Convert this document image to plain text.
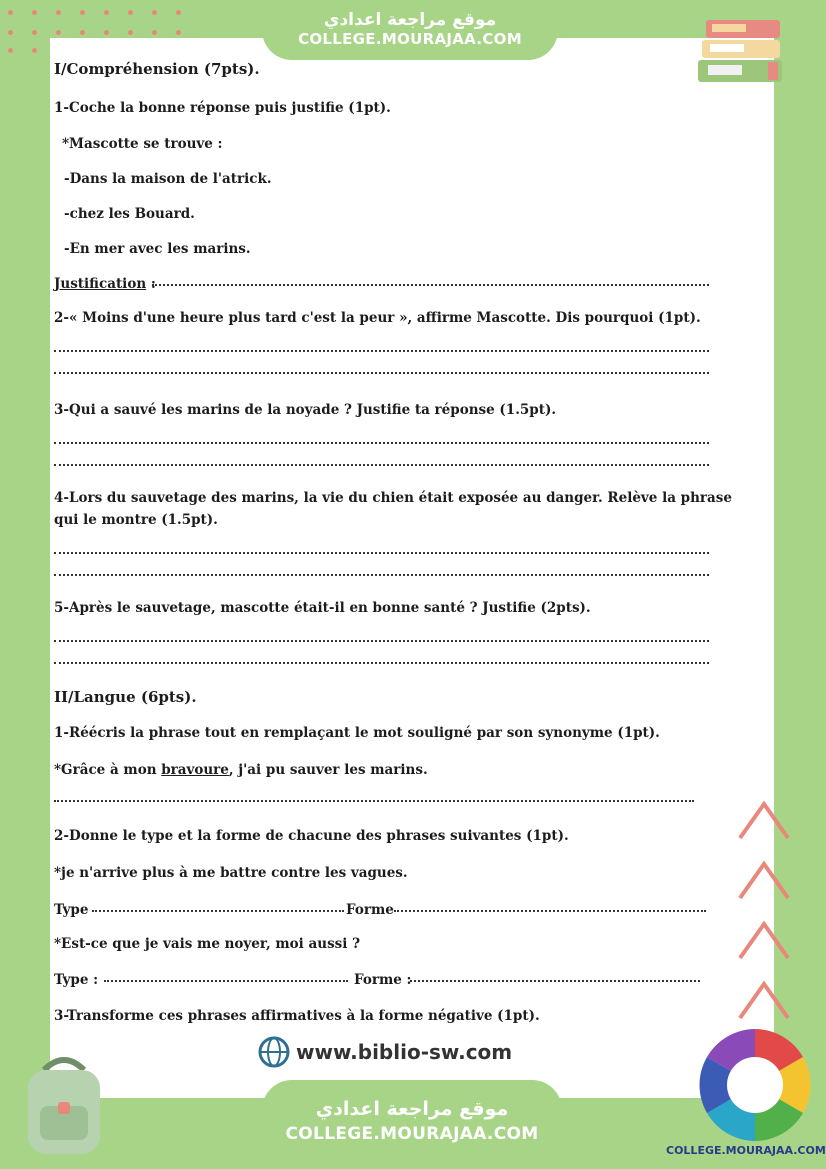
موقع مراجعة اعدادي
COLLEGE.MOURAJAA.COM
I/Compréhension (7pts).
1-Coche la bonne réponse puis justifie (1pt).
*Mascotte se trouve :
-Dans la maison de l'atrick.
-chez les Bouard.
-En mer avec les marins.
Justification :
2-« Moins d'une heure plus tard c'est la peur », affirme Mascotte. Dis pourquoi (1pt).
3-Qui a sauvé les marins de la noyade ? Justifie ta réponse (1.5pt).
4-Lors du sauvetage des marins, la vie du chien était exposée au danger. Relève la phrase
qui le montre (1.5pt).
5-Après le sauvetage, mascotte était-il en bonne santé ? Justifie (2pts).
II/Langue (6pts).
1-Réécris la phrase tout en remplaçant le mot souligné par son synonyme (1pt).
*Grâce à mon bravoure, j'ai pu sauver les marins.
2-Donne le type et la forme de chacune des phrases suivantes (1pt).
*je n'arrive plus à me battre contre les vagues.
Type	Forme
*Est-ce que je vais me noyer, moi aussi ?
Type :	Forme :
3-Transforme ces phrases affirmatives à la forme négative (1pt).
www.biblio-sw.com
موقع مراجعة اعدادي
COLLEGE.MOURAJAA.COM
COLLEGE.MOURAJAA.COM
